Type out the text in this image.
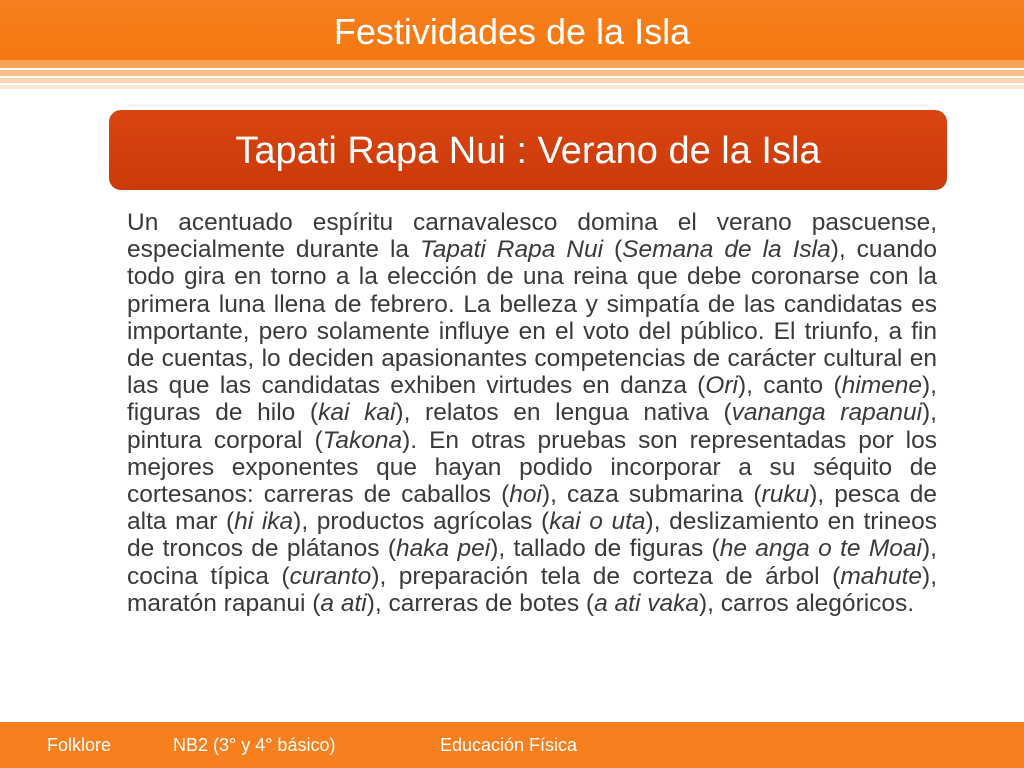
Festividades de la Isla
Tapati Rapa Nui : Verano de la Isla

Un acentuado espíritu carnavalesco domina el verano pascuense, especialmente durante la Tapati Rapa Nui (Semana de la Isla), cuando todo gira en torno a la elección de una reina que debe coronarse con la primera luna llena de febrero. La belleza y simpatía de las candidatas es importante, pero solamente influye en el voto del público. El triunfo, a fin de cuentas, lo deciden apasionantes competencias de carácter cultural en las que las candidatas exhiben virtudes en danza (Ori), canto (himene), figuras de hilo (kai kai), relatos en lengua nativa (vananga rapanui), pintura corporal (Takona). En otras pruebas son representadas por los mejores exponentes que hayan podido incorporar a su séquito de cortesanos: carreras de caballos (hoi), caza submarina (ruku), pesca de alta mar (hi ika), productos agrícolas (kai o uta), deslizamiento en trineos de troncos de plátanos (haka pei), tallado de figuras (he anga o te Moai), cocina típica (curanto), preparación tela de corteza de árbol (mahute), maratón rapanui (a ati), carreras de botes (a ati vaka), carros alegóricos.

Folklore	NB2 (3° y 4° básico)	Educación Física
